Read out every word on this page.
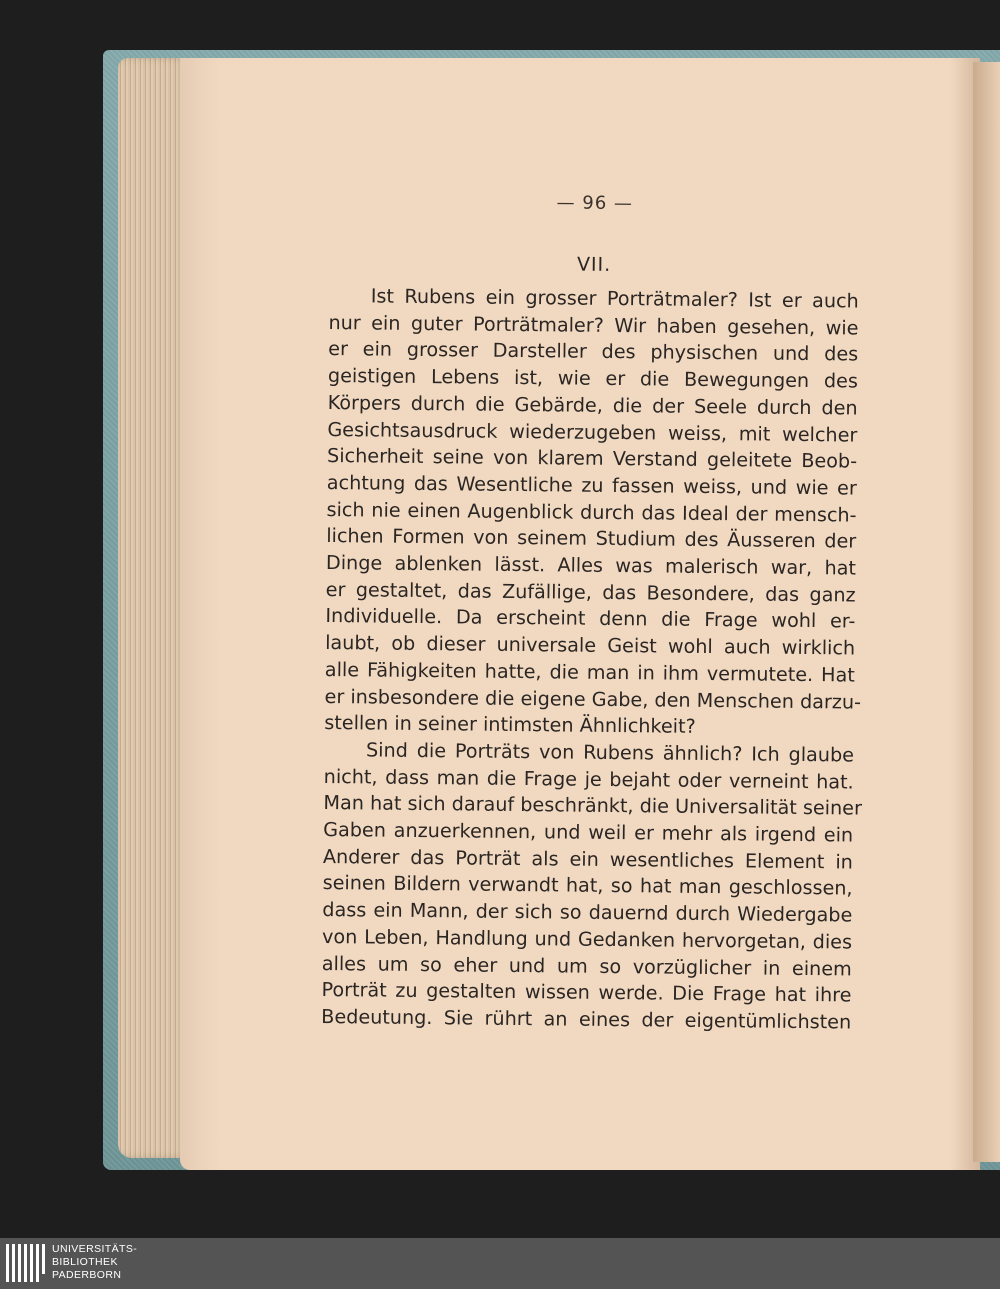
— 96 —
VII.

Ist Rubens ein grosser Porträtmaler? Ist er auch
nur ein guter Porträtmaler? Wir haben gesehen, wie
er ein grosser Darsteller des physischen und des
geistigen Lebens ist, wie er die Bewegungen des
Körpers durch die Gebärde, die der Seele durch den
Gesichtsausdruck wiederzugeben weiss, mit welcher
Sicherheit seine von klarem Verstand geleitete Beob-
achtung das Wesentliche zu fassen weiss, und wie er
sich nie einen Augenblick durch das Ideal der mensch-
lichen Formen von seinem Studium des Äusseren der
Dinge ablenken lässt. Alles was malerisch war, hat
er gestaltet, das Zufällige, das Besondere, das ganz
Individuelle. Da erscheint denn die Frage wohl er-
laubt, ob dieser universale Geist wohl auch wirklich
alle Fähigkeiten hatte, die man in ihm vermutete. Hat
er insbesondere die eigene Gabe, den Menschen darzu-
stellen in seiner intimsten Ähnlichkeit?

Sind die Porträts von Rubens ähnlich? Ich glaube
nicht, dass man die Frage je bejaht oder verneint hat.
Man hat sich darauf beschränkt, die Universalität seiner
Gaben anzuerkennen, und weil er mehr als irgend ein
Anderer das Porträt als ein wesentliches Element in
seinen Bildern verwandt hat, so hat man geschlossen,
dass ein Mann, der sich so dauernd durch Wiedergabe
von Leben, Handlung und Gedanken hervorgetan, dies
alles um so eher und um so vorzüglicher in einem
Porträt zu gestalten wissen werde. Die Frage hat ihre
Bedeutung. Sie rührt an eines der eigentümlichsten

UNIVERSITÄTS-
BIBLIOTHEK
PADERBORN
